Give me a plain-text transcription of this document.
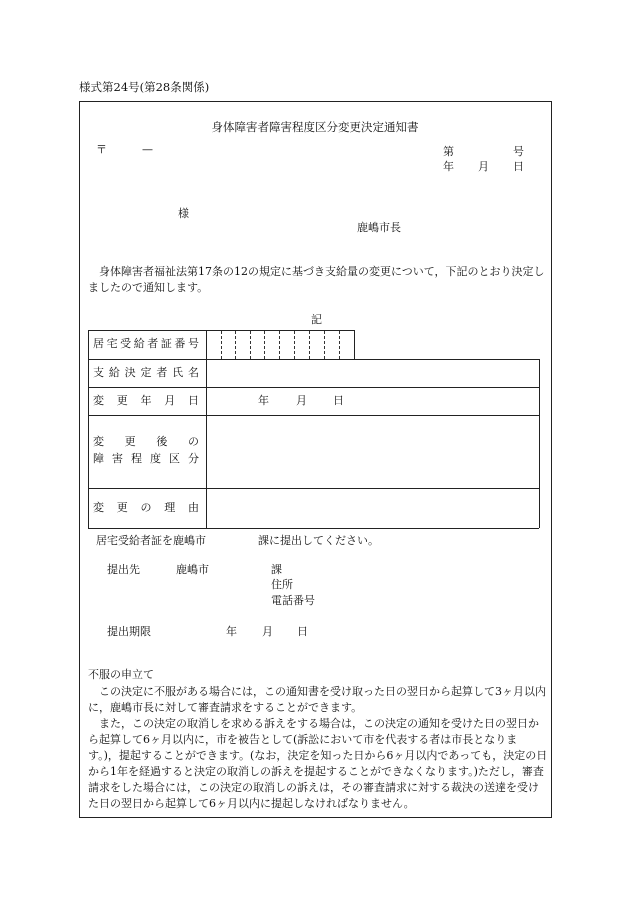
様式第24号(第28条関係)
身体障害者障害程度区分変更決定通知書
〒	—	第	号
年 月 日
様
鹿嶋市長
身体障害者福祉法第17条の12の規定に基づき支給量の変更について，下記のとおり決定しましたので通知します。
記
居 宅 受 給 者 証 番 号
支 給 決 定 者 氏 名
変 更 年 月 日	年 月 日
変 更 後 の
障 害 程 度 区 分
変 更 の 理 由
居宅受給者証を鹿嶋市	課に提出してください。
提出先	鹿嶋市	課
住所
電話番号
提出期限	年 月 日
不服の申立て
この決定に不服がある場合には，この通知書を受け取った日の翌日から起算して3ヶ月以内に，鹿嶋市長に対して審査請求をすることができます。
また，この決定の取消しを求める訴えをする場合は，この決定の通知を受けた日の翌日から起算して6ヶ月以内に，市を被告として(訴訟において市を代表する者は市長となります。)，提起することができます。(なお，決定を知った日から6ヶ月以内であっても，決定の日から1年を経過すると決定の取消しの訴えを提起することができなくなります。)ただし，審査請求をした場合には，この決定の取消しの訴えは，その審査請求に対する裁決の送達を受けた日の翌日から起算して6ヶ月以内に提起しなければなりません。
